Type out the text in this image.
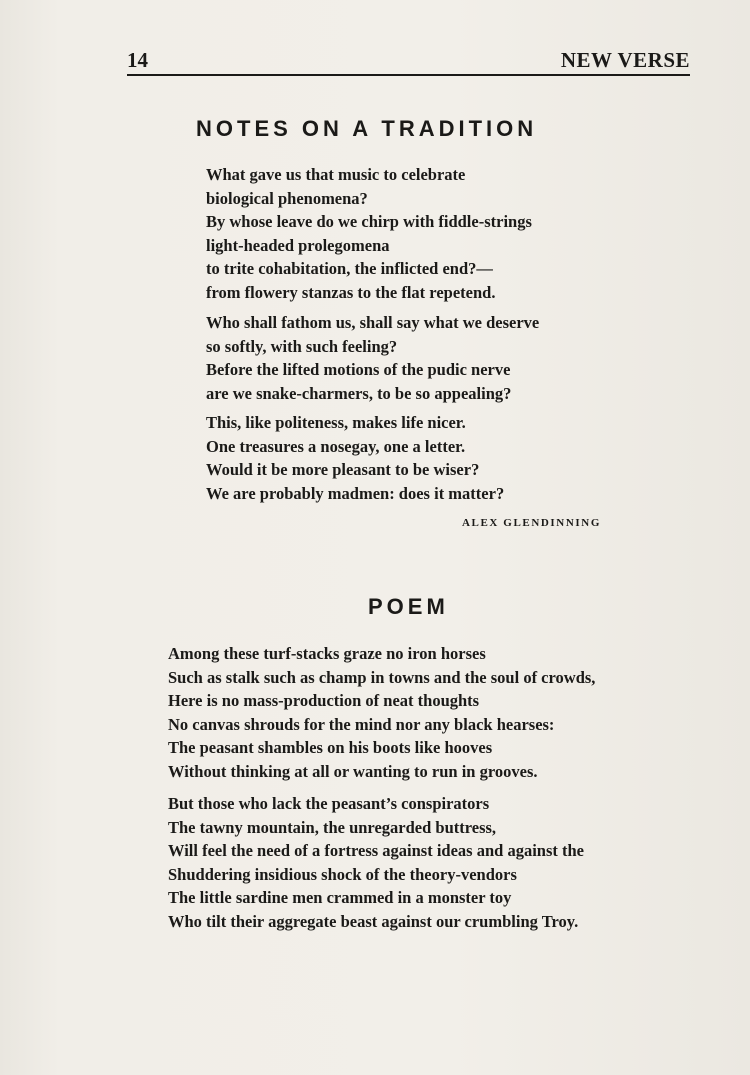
14	NEW VERSE
NOTES ON A TRADITION
What gave us that music to celebrate
biological phenomena?
By whose leave do we chirp with fiddle-strings
light-headed prolegomena
to trite cohabitation, the inflicted end?—
from flowery stanzas to the flat repetend.
Who shall fathom us, shall say what we deserve
so softly, with such feeling?
Before the lifted motions of the pudic nerve
are we snake-charmers, to be so appealing?
This, like politeness, makes life nicer.
One treasures a nosegay, one a letter.
Would it be more pleasant to be wiser?
We are probably madmen: does it matter?
ALEX GLENDINNING
POEM
Among these turf-stacks graze no iron horses
Such as stalk such as champ in towns and the soul of crowds,
Here is no mass-production of neat thoughts
No canvas shrouds for the mind nor any black hearses:
The peasant shambles on his boots like hooves
Without thinking at all or wanting to run in grooves.
But those who lack the peasant’s conspirators
The tawny mountain, the unregarded buttress,
Will feel the need of a fortress against ideas and against the
Shuddering insidious shock of the theory-vendors
The little sardine men crammed in a monster toy
Who tilt their aggregate beast against our crumbling Troy.
